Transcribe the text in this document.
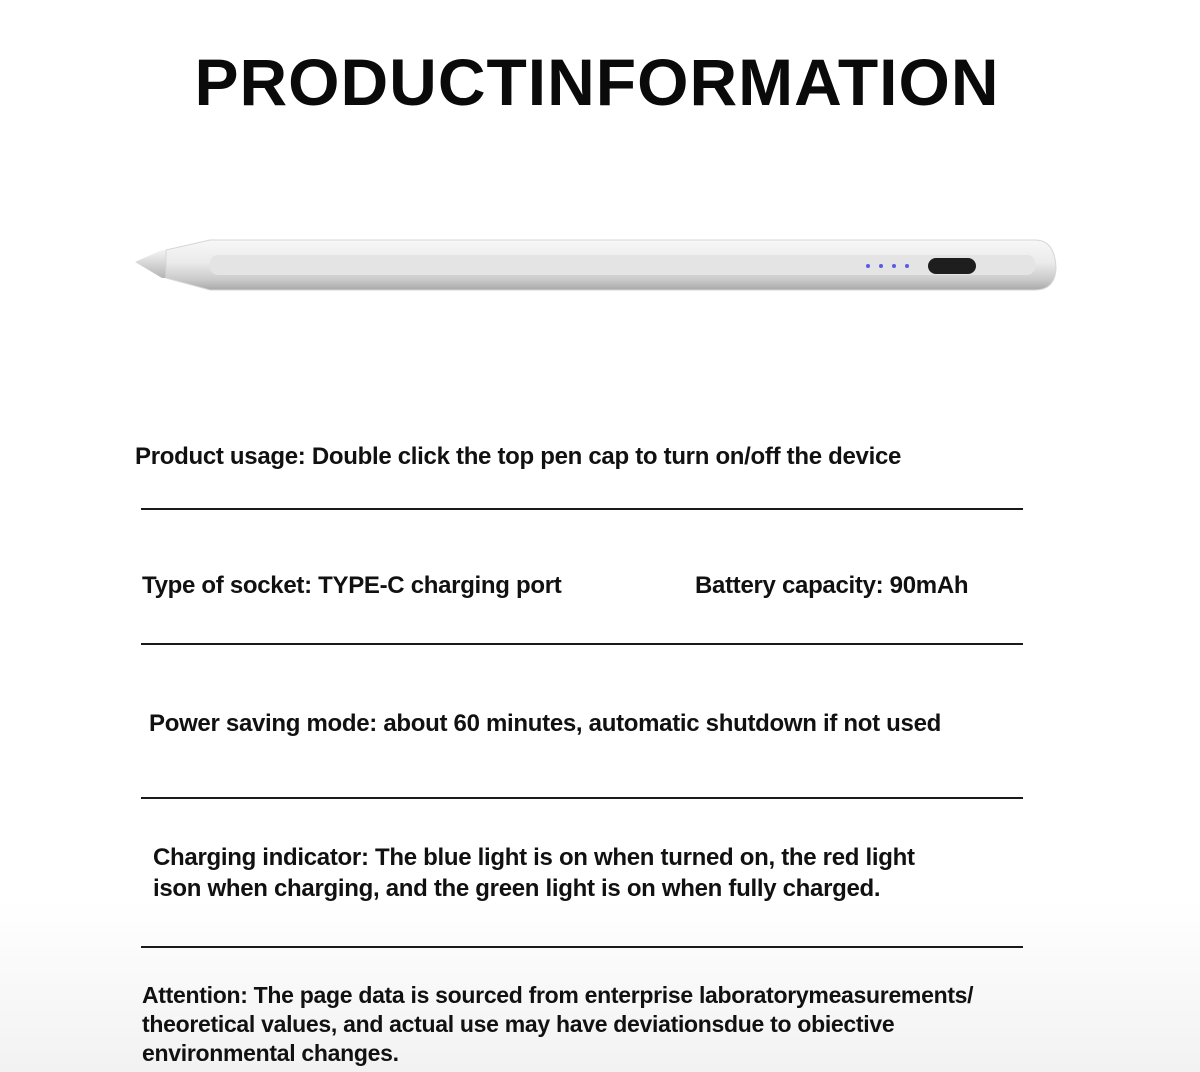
PRODUCTINFORMATION
Product usage: Double click the top pen cap to turn on/off the device
Type of socket: TYPE-C charging port	Battery capacity: 90mAh
Power saving mode: about 60 minutes, automatic shutdown if not used
Charging indicator: The blue light is on when turned on, the red light
ison when charging, and the green light is on when fully charged.
Attention: The page data is sourced from enterprise laboratorymeasurements/
theoretical values, and actual use may have deviationsdue to obiective
environmental changes.
